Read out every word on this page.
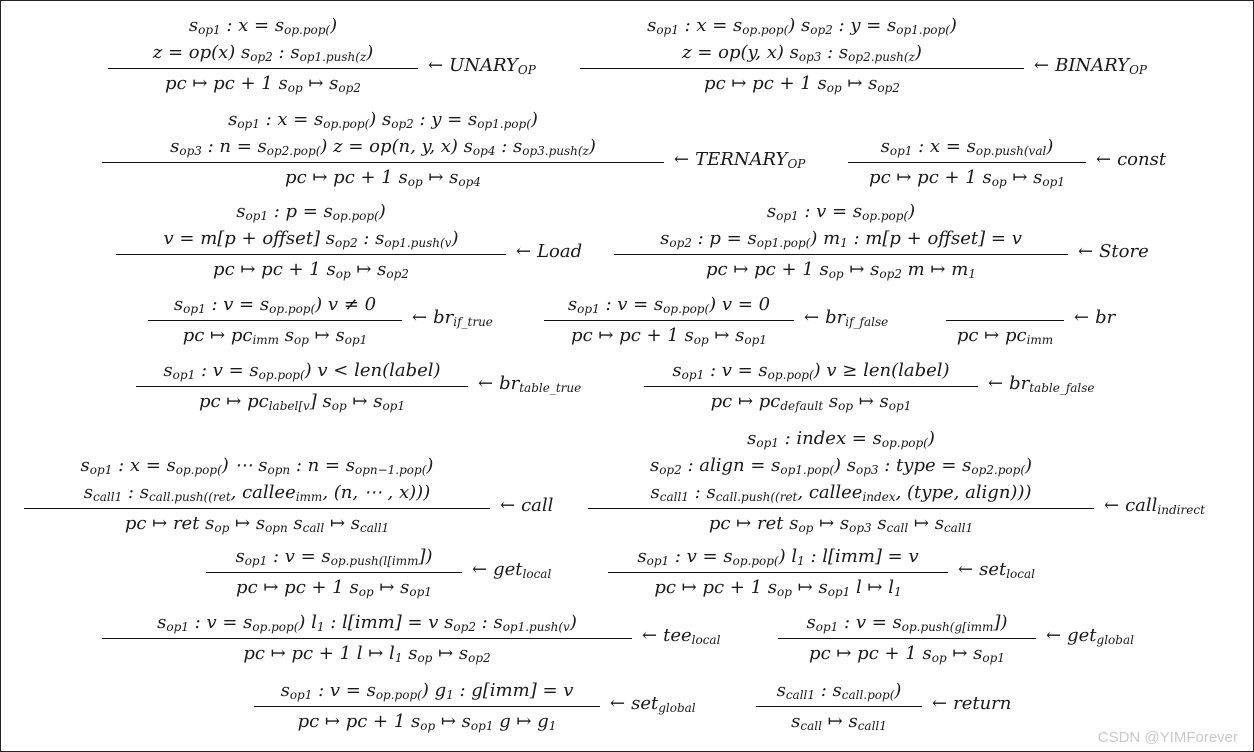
$s_{op1}$ : $x = s_{op.pop(}$)
z = op(x) $s_{op2}$ : $s_{op1.push(z}$)
pc ↦ pc + 1 $s_{op}$ ↦ $s_{op2}$
← $UNARY_{OP}$
$s_{op1}$ : $x = s_{op.pop(}$) $s_{op2}$ : $y = s_{op1.pop(}$)
z = op(y, x) $s_{op3}$ : $s_{op2.push(z}$)
pc ↦ pc + 1 $s_{op}$ ↦ $s_{op2}$
← $BINARY_{OP}$
$s_{op1}$ : $x = s_{op.pop(}$) $s_{op2}$ : $y = s_{op1.pop(}$)
$s_{op3}$ : $n = s_{op2.pop(}$) z = op(n, y, x) $s_{op4}$ : $s_{op3.push(z}$)
pc ↦ pc + 1 $s_{op}$ ↦ $s_{op4}$
← $TERNARY_{OP}$
$s_{op1}$ : $x = s_{op.push(val}$)
pc ↦ pc + 1 $s_{op}$ ↦ $s_{op1}$
← const
$s_{op1}$ : $p = s_{op.pop(}$)
v = m[p + offset] $s_{op2}$ : $s_{op1.push(v}$)
pc ↦ pc + 1 $s_{op}$ ↦ $s_{op2}$
← Load
$s_{op1}$ : $v = s_{op.pop(}$)
$s_{op2}$ : $p = s_{op1.pop(}$) $m_1$ : m[p + offset] = v
pc ↦ pc + 1 $s_{op}$ ↦ $s_{op2}$ m ↦ $m_1$
← Store
$s_{op1}$ : $v = s_{op.pop(}$) v ≠ 0
pc ↦ $pc_{imm}$ $s_{op}$ ↦ $s_{op1}$
← $br_{if\_true}$
$s_{op1}$ : $v = s_{op.pop(}$) v = 0
pc ↦ pc + 1 $s_{op}$ ↦ $s_{op1}$
← $br_{if\_false}$

pc ↦ $pc_{imm}$
← br
$s_{op1}$ : $v = s_{op.pop(}$) v < len(label)
pc ↦ $pc_{label[v}$] $s_{op}$ ↦ $s_{op1}$
← $br_{table\_true}$
$s_{op1}$ : $v = s_{op.pop(}$) v ≥ len(label)
pc ↦ $pc_{default}$ $s_{op}$ ↦ $s_{op1}$
← $br_{table\_false}$
$s_{op1}$ : $x = s_{op.pop(}$) ⋯ $s_{opn}$ : $n = s_{opn-1.pop(}$)
$s_{call1}$ : $s_{call.push((ret}$, callee$_{imm}$, (n, ⋯ , x)))
pc ↦ ret $s_{op}$ ↦ $s_{opn}$ $s_{call}$ ↦ $s_{call1}$
← call
$s_{op1}$ : index = $s_{op.pop(}$)
$s_{op2}$ : align = $s_{op1.pop(}$) $s_{op3}$ : type = $s_{op2.pop(}$)
$s_{call1}$ : $s_{call.push((ret}$, callee$_{index}$, (type, align)))
pc ↦ ret $s_{op}$ ↦ $s_{op3}$ $s_{call}$ ↦ $s_{call1}$
← call$_{indirect}$
$s_{op1}$ : $v = s_{op.push(l[imm}$])
pc ↦ pc + 1 $s_{op}$ ↦ $s_{op1}$
← get$_{local}$
$s_{op1}$ : $v = s_{op.pop(}$) $l_1$ : l[imm] = v
pc ↦ pc + 1 $s_{op}$ ↦ $s_{op1}$ l ↦ $l_1$
← set$_{local}$
$s_{op1}$ : $v = s_{op.pop(}$) $l_1$ : l[imm] = v $s_{op2}$ : $s_{op1.push(v}$)
pc ↦ pc + 1 l ↦ $l_1$ $s_{op}$ ↦ $s_{op2}$
← tee$_{local}$
$s_{op1}$ : $v = s_{op.push(g[imm}$])
pc ↦ pc + 1 $s_{op}$ ↦ $s_{op1}$
← get$_{global}$
$s_{op1}$ : $v = s_{op.pop(}$) $g_1$ : g[imm] = v
pc ↦ pc + 1 $s_{op}$ ↦ $s_{op1}$ g ↦ $g_1$
← set$_{global}$
$s_{call1}$ : $s_{call.pop(}$)
$s_{call}$ ↦ $s_{call1}$
← return
CSDN @YIMForever
